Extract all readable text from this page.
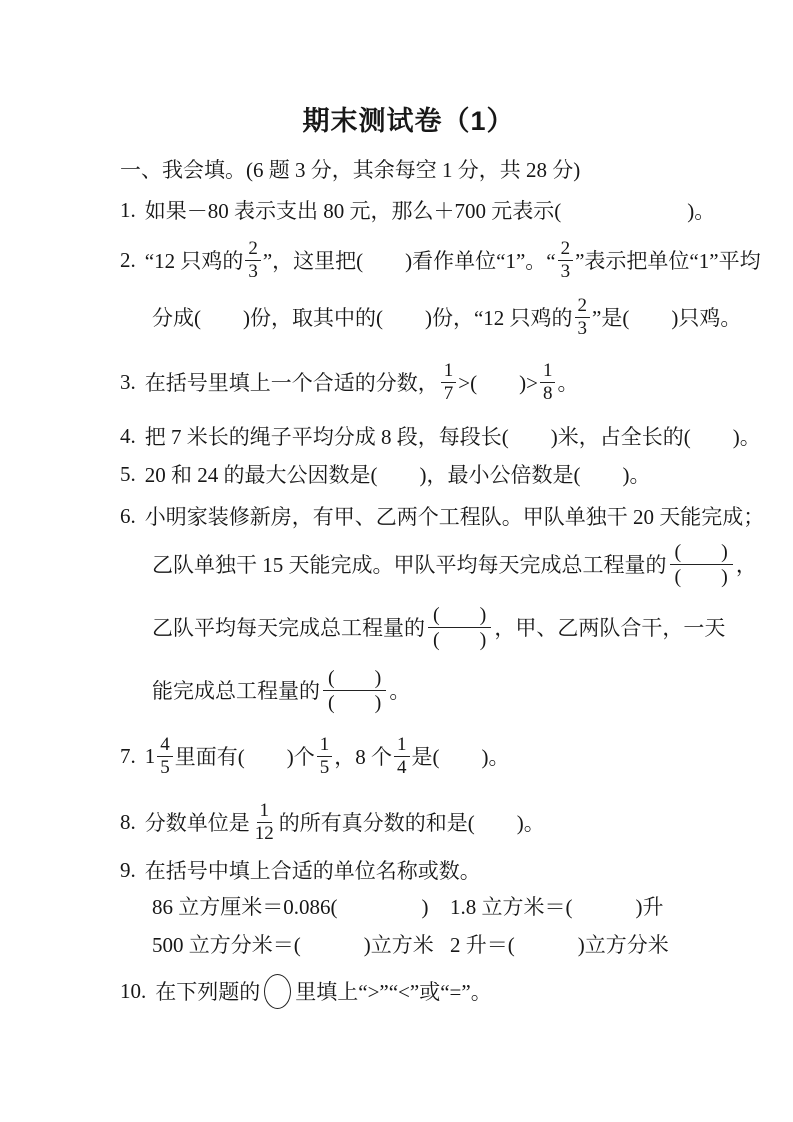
期末测试卷（1）
一、我会填。(6 题 3 分，其余每空 1 分，共 28 分)
1. 如果－80 表示支出 80 元，那么＋700 元表示(　　　　　　)。
2. “12 只鸡的 $\frac{2}{3}$ ”，这里把(　　)看作单位“1”。“ $\frac{2}{3}$ ”表示把单位“1”平均
分成(　　)份，取其中的(　　)份，“12 只鸡的 $\frac{2}{3}$ ”是(　　)只鸡。
3. 在括号里填上一个合适的分数， $\frac{1}{7}$ >(　　)> $\frac{1}{8}$ 。
4. 把 7 米长的绳子平均分成 8 段，每段长(　　)米，占全长的(　　)。
5. 20 和 24 的最大公因数是(　　)，最小公倍数是(　　)。
6. 小明家装修新房，有甲、乙两个工程队。甲队单独干 20 天能完成；
乙队单独干 15 天能完成。甲队平均每天完成总工程量的 $\frac{( )}{( )}$ ，
乙队平均每天完成总工程量的 $\frac{( )}{( )}$ ，甲、乙两队合干，一天
能完成总工程量的 $\frac{( )}{( )}$ 。
7. $1 \frac{4}{5}$ 里面有(　　)个 $\frac{1}{5}$ ，8 个 $\frac{1}{4}$ 是(　　)。
8. 分数单位是 $\frac{1}{12}$ 的所有真分数的和是(　　)。
9. 在括号中填上合适的单位名称或数。
86 立方厘米＝0.086(　　　　)	1.8 立方米＝(　　　)升
500 立方分米＝(　　　)立方米 2 升＝(　　　)立方分米
10. 在下列题的 里填上“>”“<”或“=”。
